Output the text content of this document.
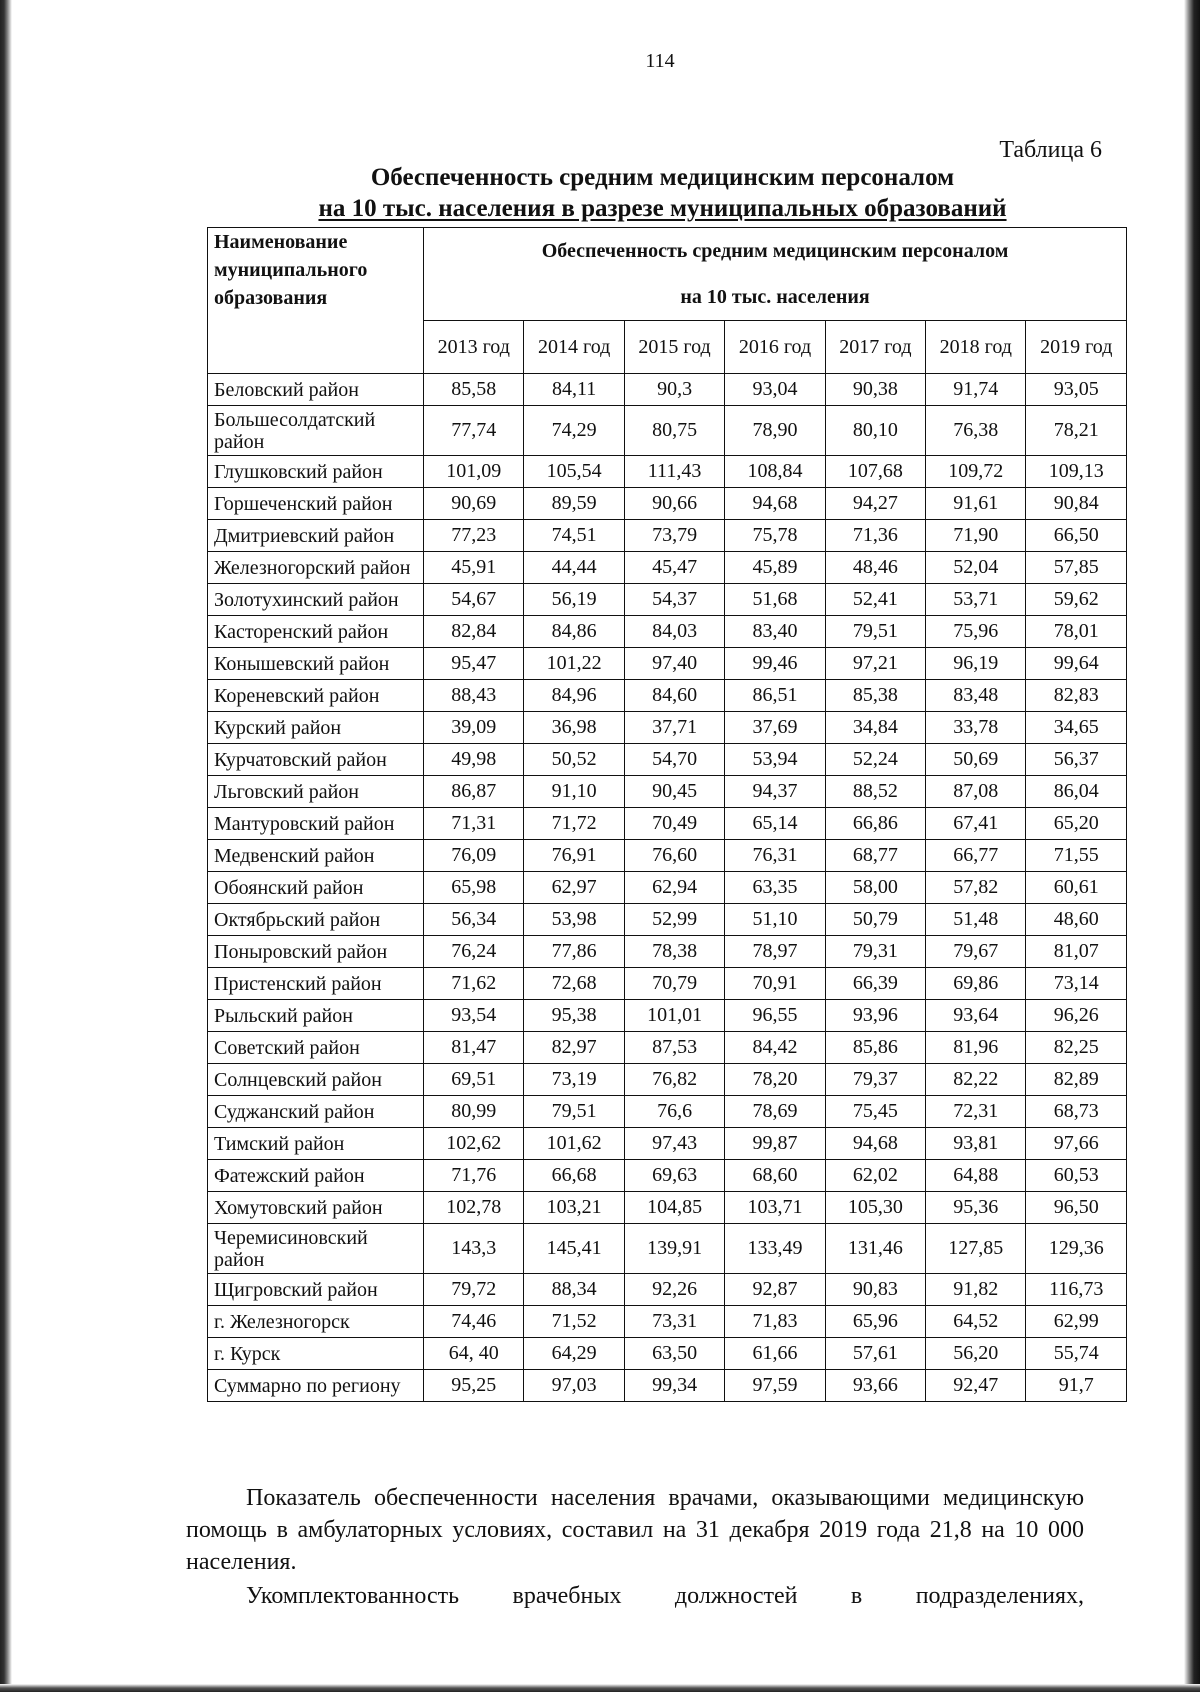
114
Таблица 6
Обеспеченность средним медицинским персоналом
на 10 тыс. населения в разрезе муниципальных образований
Наименование муниципального образования	Обеспеченность средним медицинским персоналом
на 10 тыс. населения						

	2013 год	2014 год	2015 год	2016 год	2017 год	2018 год	2019 год
Беловский район	85,58	84,11	90,3	93,04	90,38	91,74	93,05
Большесолдатский район	77,74	74,29	80,75	78,90	80,10	76,38	78,21
Глушковский район	101,09	105,54	111,43	108,84	107,68	109,72	109,13
Горшеченский район	90,69	89,59	90,66	94,68	94,27	91,61	90,84
Дмитриевский район	77,23	74,51	73,79	75,78	71,36	71,90	66,50
Железногорский район	45,91	44,44	45,47	45,89	48,46	52,04	57,85
Золотухинский район	54,67	56,19	54,37	51,68	52,41	53,71	59,62
Касторенский район	82,84	84,86	84,03	83,40	79,51	75,96	78,01
Конышевский район	95,47	101,22	97,40	99,46	97,21	96,19	99,64
Кореневский район	88,43	84,96	84,60	86,51	85,38	83,48	82,83
Курский район	39,09	36,98	37,71	37,69	34,84	33,78	34,65
Курчатовский район	49,98	50,52	54,70	53,94	52,24	50,69	56,37
Льговский район	86,87	91,10	90,45	94,37	88,52	87,08	86,04
Мантуровский район	71,31	71,72	70,49	65,14	66,86	67,41	65,20
Медвенский район	76,09	76,91	76,60	76,31	68,77	66,77	71,55
Обоянский район	65,98	62,97	62,94	63,35	58,00	57,82	60,61
Октябрьский район	56,34	53,98	52,99	51,10	50,79	51,48	48,60
Поныровский район	76,24	77,86	78,38	78,97	79,31	79,67	81,07
Пристенский район	71,62	72,68	70,79	70,91	66,39	69,86	73,14
Рыльский район	93,54	95,38	101,01	96,55	93,96	93,64	96,26
Советский район	81,47	82,97	87,53	84,42	85,86	81,96	82,25
Солнцевский район	69,51	73,19	76,82	78,20	79,37	82,22	82,89
Суджанский район	80,99	79,51	76,6	78,69	75,45	72,31	68,73
Тимский район	102,62	101,62	97,43	99,87	94,68	93,81	97,66
Фатежский район	71,76	66,68	69,63	68,60	62,02	64,88	60,53
Хомутовский район	102,78	103,21	104,85	103,71	105,30	95,36	96,50
Черемисиновский район	143,3	145,41	139,91	133,49	131,46	127,85	129,36
Щигровский район	79,72	88,34	92,26	92,87	90,83	91,82	116,73
г. Железногорск	74,46	71,52	73,31	71,83	65,96	64,52	62,99
г. Курск	64, 40	64,29	63,50	61,66	57,61	56,20	55,74
Суммарно по региону	95,25	97,03	99,34	97,59	93,66	92,47	91,7
Показатель обеспеченности населения врачами, оказывающими медицинскую помощь в амбулаторных условиях, составил на 31 декабря 2019 года 21,8 на 10 000 населения.
Укомплектованность врачебных должностей в подразделениях,
